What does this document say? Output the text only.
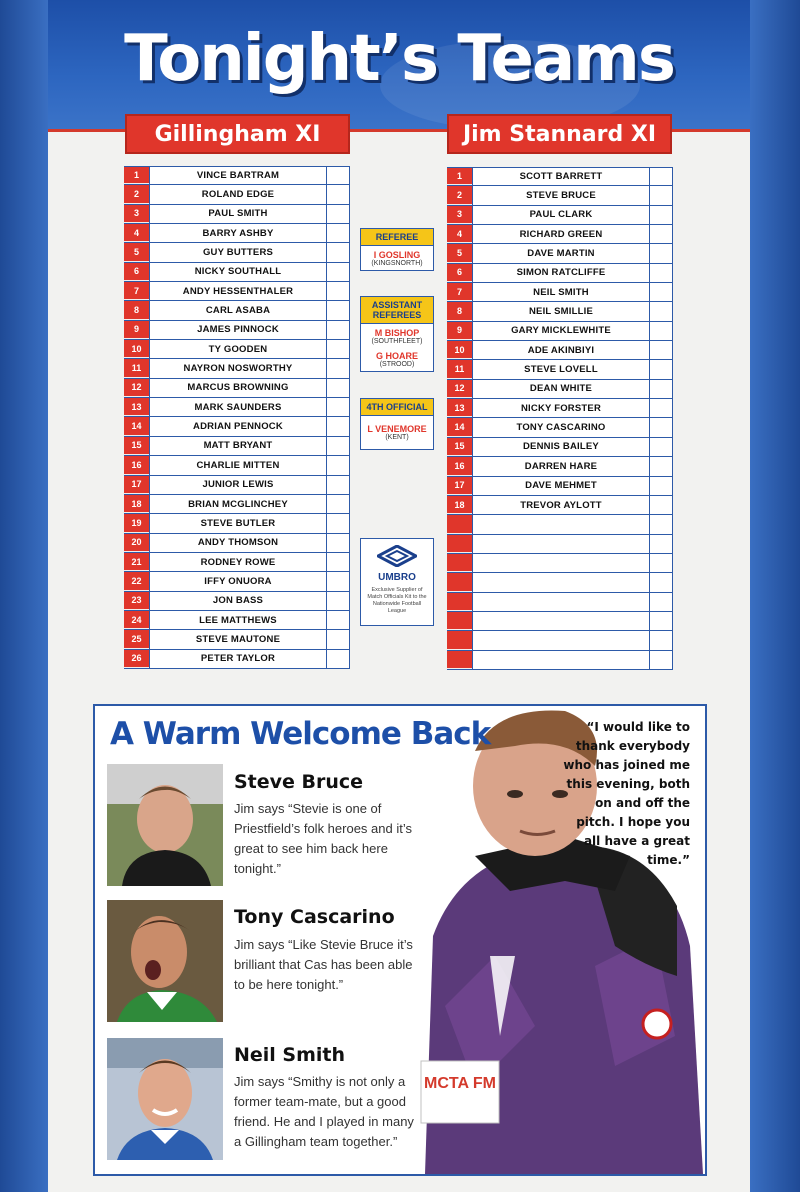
Tonight’s Teams
Gillingham XI	Jim Stannard XI
1	VINCE BARTRAM
2	ROLAND EDGE
3	PAUL SMITH
4	BARRY ASHBY
5	GUY BUTTERS
6	NICKY SOUTHALL
7	ANDY HESSENTHALER
8	CARL ASABA
9	JAMES PINNOCK
10	TY GOODEN
11	NAYRON NOSWORTHY
12	MARCUS BROWNING
13	MARK SAUNDERS
14	ADRIAN PENNOCK
15	MATT BRYANT
16	CHARLIE MITTEN
17	JUNIOR LEWIS
18	BRIAN MCGLINCHEY
19	STEVE BUTLER
20	ANDY THOMSON
21	RODNEY ROWE
22	IFFY ONUORA
23	JON BASS
24	LEE MATTHEWS
25	STEVE MAUTONE
26	PETER TAYLOR
1	SCOTT BARRETT
2	STEVE BRUCE
3	PAUL CLARK
4	RICHARD GREEN
5	DAVE MARTIN
6	SIMON RATCLIFFE
7	NEIL SMITH
8	NEIL SMILLIE
9	GARY MICKLEWHITE
10	ADE AKINBIYI
11	STEVE LOVELL
12	DEAN WHITE
13	NICKY FORSTER
14	TONY CASCARINO
15	DENNIS BAILEY
16	DARREN HARE
17	DAVE MEHMET
18	TREVOR AYLOTT
REFEREE
I GOSLING
(KINGSNORTH)
ASSISTANT REFEREES
M BISHOP
(SOUTHFLEET)
G HOARE
(STROOD)
4TH OFFICIAL
L VENEMORE
(KENT)
UMBRO
Exclusive Supplier of Match Officials Kit to the Nationwide Football League
MCTA FM
A Warm Welcome Back	“I would like to thank everybody who has joined me this evening, both on and off the pitch. I hope you all have a great time.”
Steve Bruce
Jim says “Stevie is one of Priestfield’s folk heroes and it’s great to see him back here tonight.”
Tony Cascarino
Jim says “Like Stevie Bruce it’s brilliant that Cas has been able to be here tonight.”
Neil Smith
Jim says “Smithy is not only a former team-mate, but a good friend. He and I played in many a Gillingham team together.”
